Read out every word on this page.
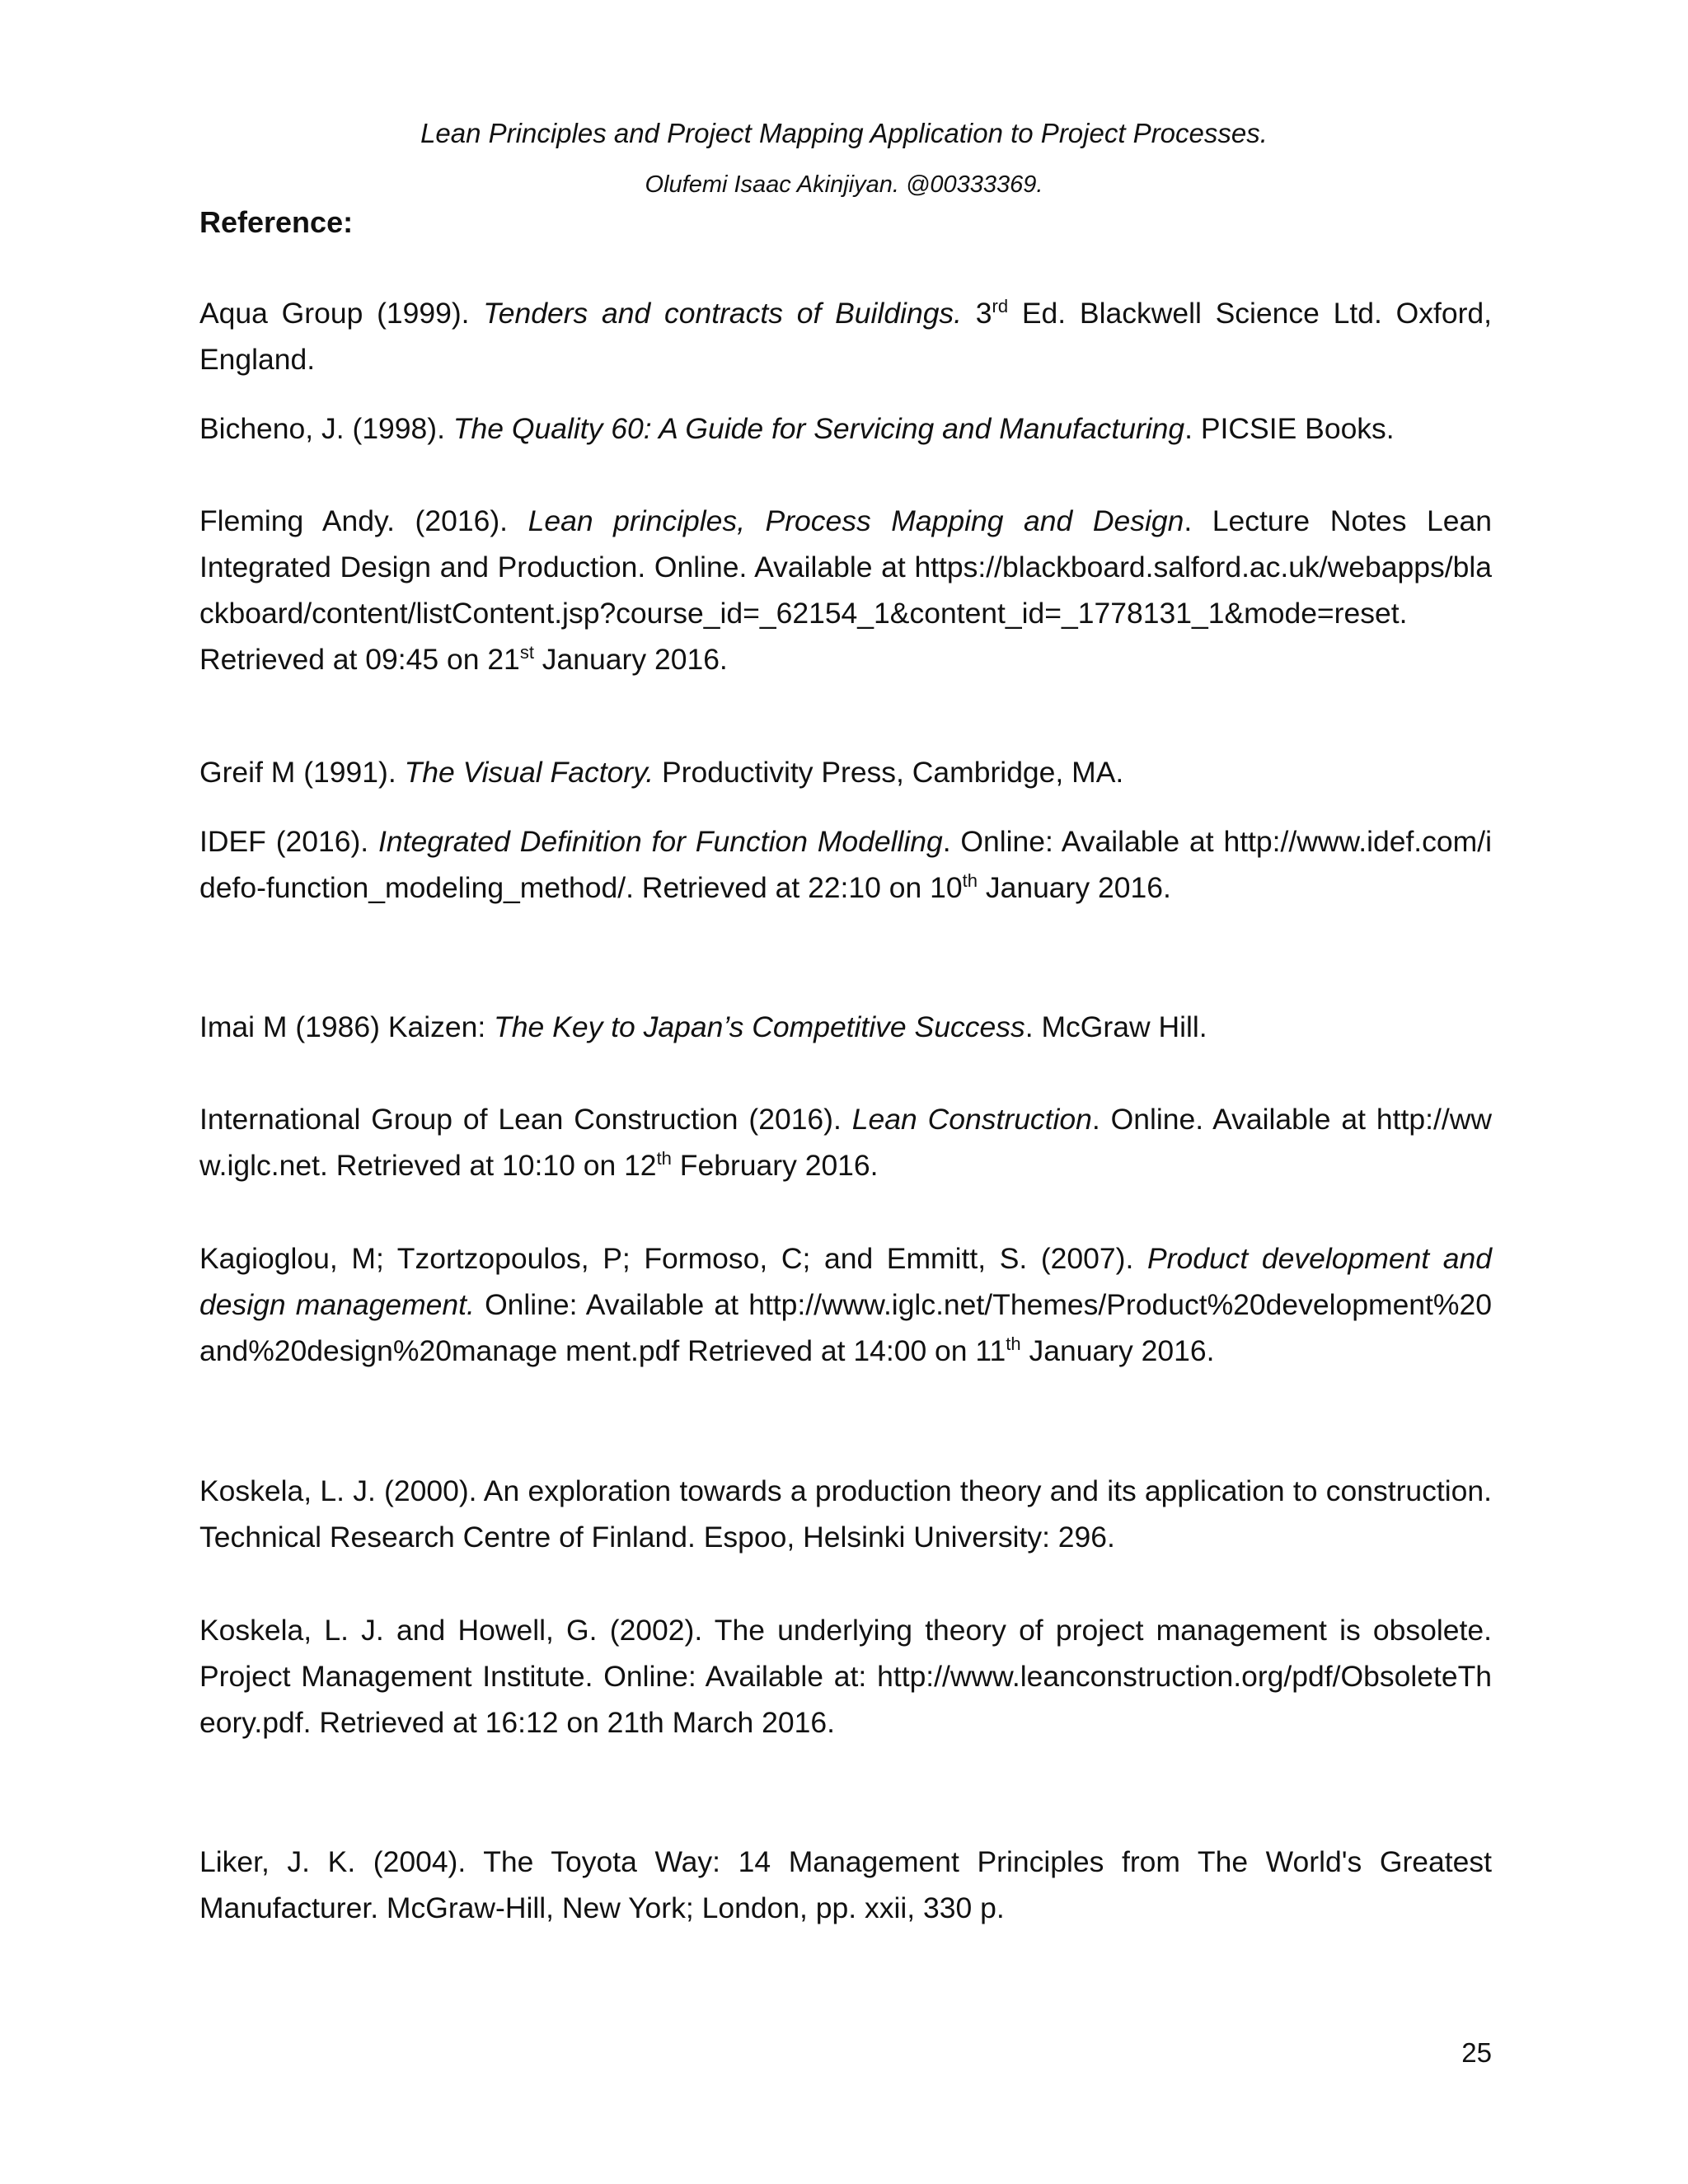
Lean Principles and Project Mapping Application to Project Processes.
Olufemi Isaac Akinjiyan. @00333369.
Reference:

Aqua Group (1999). Tenders and contracts of Buildings. 3rd Ed. Blackwell Science Ltd. Oxford, England.

Bicheno, J. (1998). The Quality 60: A Guide for Servicing and Manufacturing. PICSIE Books.

Fleming Andy. (2016). Lean principles, Process Mapping and Design. Lecture Notes Lean Integrated Design and Production. Online. Available at https://blackboard.salford.ac.uk/webapps/blackboard/content/listContent.jsp?course_id=_62154_1&content_id=_1778131_1&mode=reset. Retrieved at 09:45 on 21st January 2016.

Greif M (1991). The Visual Factory. Productivity Press, Cambridge, MA.

IDEF (2016). Integrated Definition for Function Modelling. Online: Available at http://www.idef.com/idefo-function_modeling_method/. Retrieved at 22:10 on 10th January 2016.

Imai M (1986) Kaizen: The Key to Japan’s Competitive Success. McGraw Hill.

International Group of Lean Construction (2016). Lean Construction. Online. Available at http://www.iglc.net. Retrieved at 10:10 on 12th February 2016.

Kagioglou, M; Tzortzopoulos, P; Formoso, C; and Emmitt, S. (2007). Product development and design management. Online: Available at http://www.iglc.net/Themes/Product%20development%20and%20design%20manage ment.pdf Retrieved at 14:00 on 11th January 2016.

Koskela, L. J. (2000). An exploration towards a production theory and its application to construction. Technical Research Centre of Finland. Espoo, Helsinki University: 296.

Koskela, L. J. and Howell, G. (2002). The underlying theory of project management is obsolete. Project Management Institute. Online: Available at: http://www.leanconstruction.org/pdf/ObsoleteTheory.pdf. Retrieved at 16:12 on 21th March 2016.

Liker, J. K. (2004). The Toyota Way: 14 Management Principles from The World's Greatest Manufacturer. McGraw-Hill, New York; London, pp. xxii, 330 p.

25
